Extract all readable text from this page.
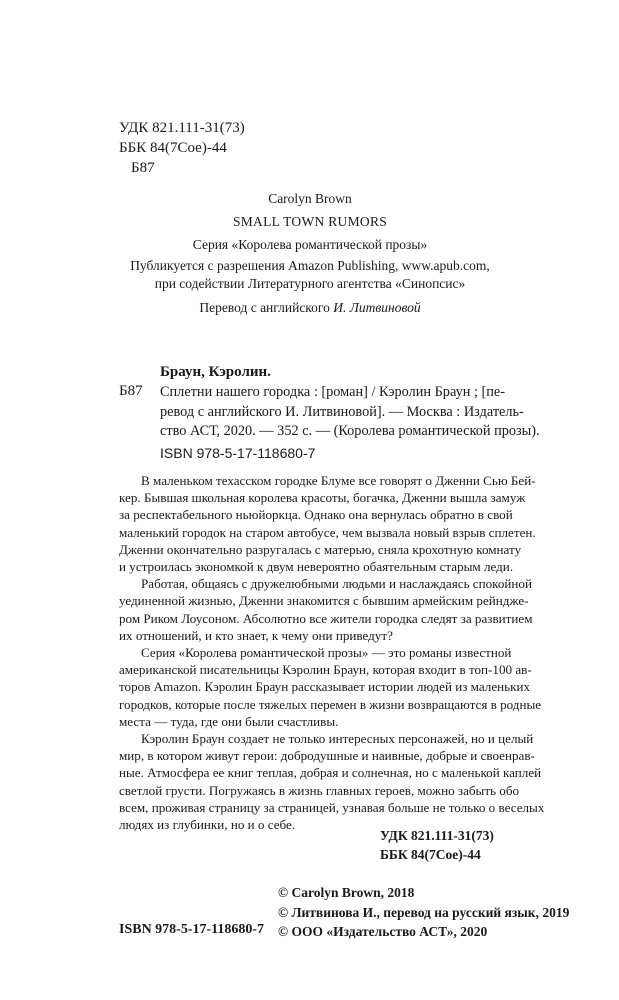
УДК 821.111-31(73)
ББК 84(7Сое)-44
Б87
Carolyn Brown
SMALL TOWN RUMORS
Серия «Королева романтической прозы»
Публикуется с разрешения Amazon Publishing, www.apub.com,
при содействии Литературного агентства «Синопсис»
Перевод с английского И. Литвиновой
Браун, Кэролин.
Б87 Сплетни нашего городка : [роман] / Кэролин Браун ; [пе-
ревод с английского И. Литвиновой]. — Москва : Издатель-
ство АСТ, 2020. — 352 с. — (Королева романтической прозы).
ISBN 978-5-17-118680-7
В маленьком техасском городке Блуме все говорят о Дженни Сью Бей-
кер. Бывшая школьная королева красоты, богачка, Дженни вышла замуж
за респектабельного ньюйоркца. Однако она вернулась обратно в свой
маленький городок на старом автобусе, чем вызвала новый взрыв сплетен.
Дженни окончательно разругалась с матерью, сняла крохотную комнату
и устроилась экономкой к двум невероятно обаятельным старым леди.
Работая, общаясь с дружелюбными людьми и наслаждаясь спокойной
уединенной жизнью, Дженни знакомится с бывшим армейским рейндже-
ром Риком Лоусоном. Абсолютно все жители городка следят за развитием
их отношений, и кто знает, к чему они приведут?
Серия «Королева романтической прозы» — это романы известной
американской писательницы Кэролин Браун, которая входит в топ-100 ав-
торов Amazon. Кэролин Браун рассказывает истории людей из маленьких
городков, которые после тяжелых перемен в жизни возвращаются в родные
места — туда, где они были счастливы.
Кэролин Браун создает не только интересных персонажей, но и целый
мир, в котором живут герои: добродушные и наивные, добрые и своенрав-
ные. Атмосфера ее книг теплая, добрая и солнечная, но с маленькой каплей
светлой грусти. Погружаясь в жизнь главных героев, можно забыть обо
всем, проживая страницу за страницей, узнавая больше не только о веселых
людях из глубинки, но и о себе.
УДК 821.111-31(73)
ББК 84(7Сое)-44
© Carolyn Brown, 2018
© Литвинова И., перевод на русский язык, 2019
© ООО «Издательство АСТ», 2020
ISBN 978-5-17-118680-7
